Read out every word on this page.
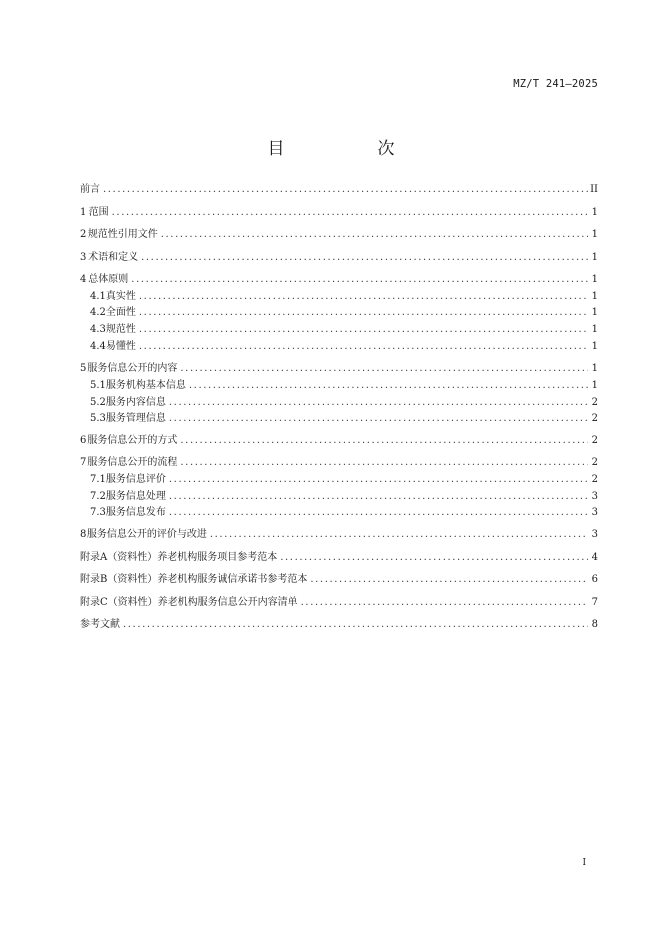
MZ/T 241—2025
目　次
前言 .....	II
1 范围 .....	1
2 规范性引用文件 .....	1
3 术语和定义 .....	1
4 总体原则 .....	1
4.1 真实性 .....	1
4.2 全面性 .....	1
4.3 规范性 .....	1
4.4 易懂性 .....	1
5 服务信息公开的内容 .....	1
5.1 服务机构基本信息 .....	1
5.2 服务内容信息 .....	2
5.3 服务管理信息 .....	2
6 服务信息公开的方式 .....	2
7 服务信息公开的流程 .....	2
7.1 服务信息评价 .....	2
7.2 服务信息处理 .....	3
7.3 服务信息发布 .....	3
8 服务信息公开的评价与改进 .....	3
附录A（资料性） 养老机构服务项目参考范本 .....	4
附录B（资料性） 养老机构服务诚信承诺书参考范本 .....	6
附录C（资料性） 养老机构服务信息公开内容清单 .....	7
参考文献 .....	8
I
